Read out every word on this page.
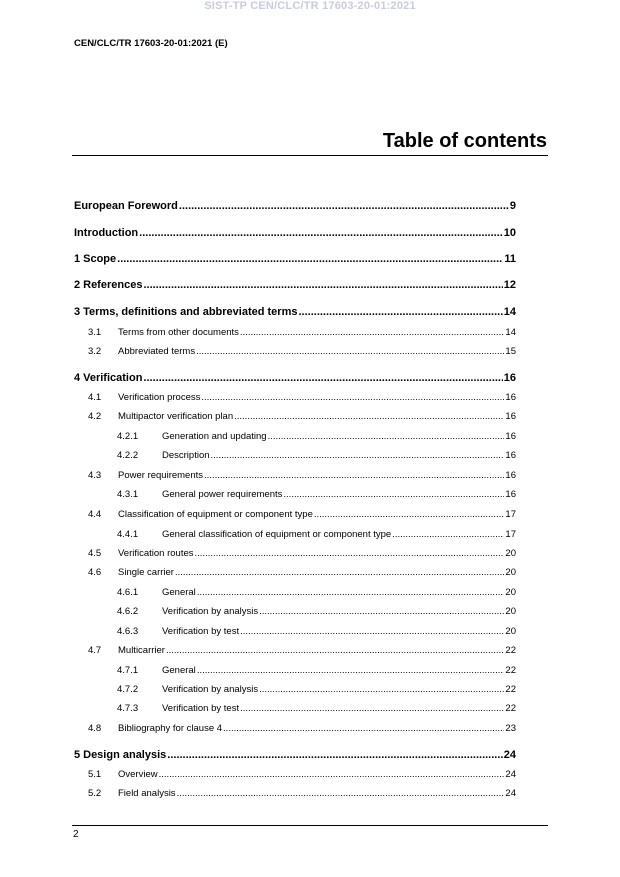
SIST-TP CEN/CLC/TR 17603-20-01:2021
CEN/CLC/TR 17603-20-01:2021 (E)
Table of contents
European Foreword .....	9
Introduction .....	10
1 Scope .....	11
2 References .....	12
3 Terms, definitions and abbreviated terms .....	14
3.1	Terms from other documents .....	14
3.2	Abbreviated terms .....	15
4 Verification .....	16
4.1	Verification process .....	16
4.2	Multipactor verification plan .....	16
4.2.1	Generation and updating .....	16
4.2.2	Description .....	16
4.3	Power requirements .....	16
4.3.1	General power requirements .....	16
4.4	Classification of equipment or component type .....	17
4.4.1	General classification of equipment or component type .....	17
4.5	Verification routes .....	20
4.6	Single carrier .....	20
4.6.1	General .....	20
4.6.2	Verification by analysis .....	20
4.6.3	Verification by test .....	20
4.7	Multicarrier .....	22
4.7.1	General .....	22
4.7.2	Verification by analysis .....	22
4.7.3	Verification by test .....	22
4.8	Bibliography for clause 4 .....	23
5 Design analysis .....	24
5.1	Overview .....	24
5.2	Field analysis .....	24
2
